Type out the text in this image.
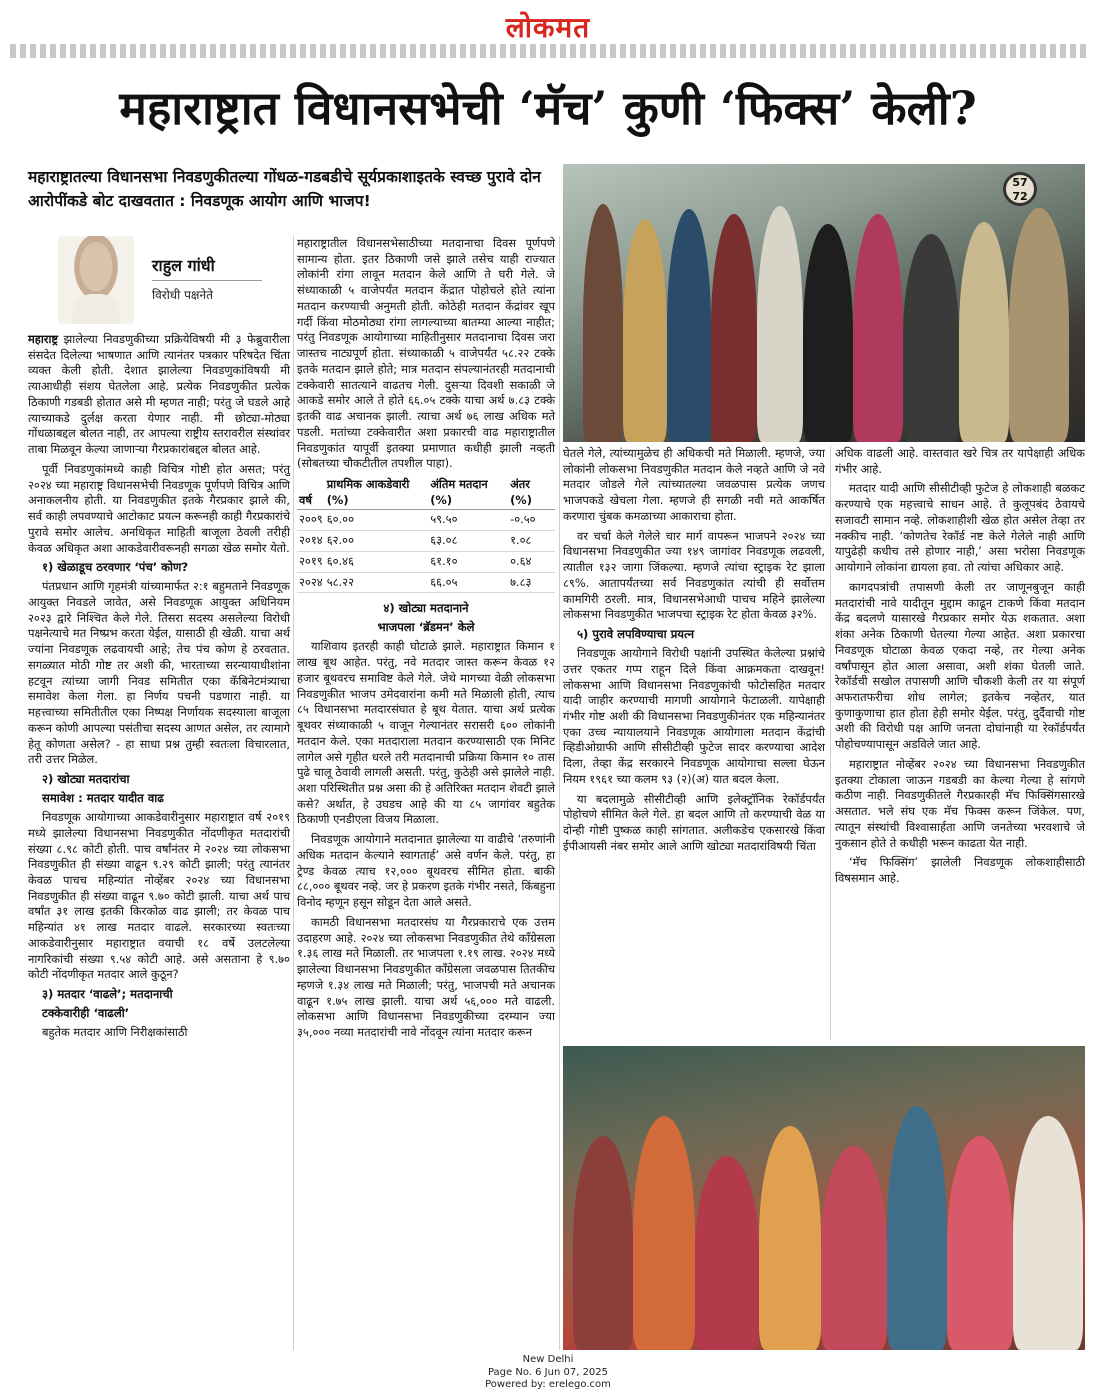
लोकमत
महाराष्ट्रात विधानसभेची ‘मॅच’ कुणी ‘फिक्स’ केली?
महाराष्ट्रातल्या विधानसभा निवडणुकीतल्या गोंधळ-गडबडीचे सूर्यप्रकाशाइतके स्वच्छ पुरावे दोन आरोपींकडे बोट दाखवतात : निवडणूक आयोग आणि भाजप!
57
72
राहुल गांधी
विरोधी पक्षनेते

महाराष्ट्र झालेल्या निवडणुकीच्या प्रक्रियेविषयी मी ३ फेब्रुवारीला संसदेत दिलेल्या भाषणात आणि त्यानंतर पत्रकार परिषदेत चिंता व्यक्त केली होती. देशात झालेल्या निवडणुकांविषयी मी त्याआधीही संशय घेतलेला आहे. प्रत्येक निवडणुकीत प्रत्येक ठिकाणी गडबडी होतात असे मी म्हणत नाही; परंतु जे घडले आहे त्याच्याकडे दुर्लक्ष करता येणार नाही. मी छोट्या-मोठ्या गोंधळाबद्दल बोलत नाही, तर आपल्या राष्ट्रीय स्तरावरील संस्थांवर ताबा मिळवून केल्या जाणाऱ्या गैरप्रकारांबद्दल बोलत आहे.

पूर्वी निवडणुकांमध्ये काही विचित्र गोष्टी होत असत; परंतु २०२४ च्या महाराष्ट्र विधानसभेची निवडणूक पूर्णपणे विचित्र आणि अनाकलनीय होती. या निवडणुकीत इतके गैरप्रकार झाले की, सर्व काही लपवण्याचे आटोकाट प्रयत्न करूनही काही गैरप्रकारांचे पुरावे समोर आलेच. अनधिकृत माहिती बाजूला ठेवली तरीही केवळ अधिकृत अशा आकडेवारीवरूनही सगळा खेळ समोर येतो.

१) खेळाडूच ठरवणार ‘पंच’ कोण?

पंतप्रधान आणि गृहमंत्री यांच्यामार्फत २:१ बहुमताने निवडणूक आयुक्त निवडले जावेत, असे निवडणूक आयुक्त अधिनियम २०२३ द्वारे निश्चित केले गेले. तिसरा सदस्य असलेल्या विरोधी पक्षनेत्याचे मत निष्प्रभ करता येईल, यासाठी ही खेळी. याचा अर्थ ज्यांना निवडणूक लढवायची आहे; तेच पंच कोण हे ठरवतात. सगळ्यात मोठी गोष्ट तर अशी की, भारताच्या सरन्यायाधीशांना हटवून त्यांच्या जागी निवड समितीत एका कॅबिनेटमंत्र्याचा समावेश केला गेला. हा निर्णय पचनी पडणारा नाही. या महत्त्वाच्या समितीतील एका निष्पक्ष निर्णायक सदस्याला बाजूला करून कोणी आपल्या पसंतीचा सदस्य आणत असेल, तर त्यामागे हेतू कोणता असेल? - हा साधा प्रश्न तुम्ही स्वतःला विचारलात, तरी उत्तर मिळेल.

२) खोट्या मतदारांचा
समावेश : मतदार यादीत वाढ

निवडणूक आयोगाच्या आकडेवारीनुसार महाराष्ट्रात वर्ष २०१९ मध्ये झालेल्या विधानसभा निवडणुकीत नोंदणीकृत मतदारांची संख्या ८.९८ कोटी होती. पाच वर्षांनंतर मे २०२४ च्या लोकसभा निवडणुकीत ही संख्या वाढून ९.२९ कोटी झाली; परंतु त्यानंतर केवळ पाचच महिन्यांत नोव्हेंबर २०२४ च्या विधानसभा निवडणुकीत ही संख्या वाढून ९.७० कोटी झाली. याचा अर्थ पाच वर्षांत ३१ लाख इतकी किरकोळ वाढ झाली; तर केवळ पाच महिन्यांत ४१ लाख मतदार वाढले. सरकारच्या स्वतःच्या आकडेवारीनुसार महाराष्ट्रात वयाची १८ वर्षे उलटलेल्या नागरिकांची संख्या ९.५४ कोटी आहे. असे असताना हे ९.७० कोटी नोंदणीकृत मतदार आले कुठून?

३) मतदार ‘वाढले’; मतदानाची
टक्केवारीही ‘वाढली’

बहुतेक मतदार आणि निरीक्षकांसाठी

महाराष्ट्रातील विधानसभेसाठीच्या मतदानाचा दिवस पूर्णपणे सामान्य होता. इतर ठिकाणी जसे झाले तसेच याही राज्यात लोकांनी रांगा लावून मतदान केले आणि ते घरी गेले. जे संध्याकाळी ५ वाजेपर्यंत मतदान केंद्रात पोहोचले होते त्यांना मतदान करण्याची अनुमती होती. कोठेही मतदान केंद्रांवर खूप गर्दी किंवा मोठमोठ्या रांगा लागल्याच्या बातम्या आल्या नाहीत; परंतु निवडणूक आयोगाच्या माहितीनुसार मतदानाचा दिवस जरा जास्तच नाट्यपूर्ण होता. संध्याकाळी ५ वाजेपर्यंत ५८.२२ टक्के इतके मतदान झाले होते; मात्र मतदान संपल्यानंतरही मतदानाची टक्केवारी सातत्याने वाढतच गेली. दुसऱ्या दिवशी सकाळी जे आकडे समोर आले ते होते ६६.०५ टक्के याचा अर्थ ७.८३ टक्के इतकी वाढ अचानक झाली. त्याचा अर्थ ७६ लाख अधिक मते पडली. मतांच्या टक्केवारीत अशा प्रकारची वाढ महाराष्ट्रातील निवडणुकांत यापूर्वी इतक्या प्रमाणात कधीही झाली नव्हती (सोबतच्या चौकटीतील तपशील पाहा).

वर्ष	प्राथमिक आकडेवारी (%)	अंतिम मतदान (%)	अंतर (%)
२००९	६०.००	५९.५०	-०.५०
२०१४	६२.००	६३.०८	१.०८
२०१९	६०.४६	६१.१०	०.६४
२०२४	५८.२२	६६.०५	७.८३
४) खोट्या मतदानाने
भाजपला ‘ब्रॅडमन’ केले

याशिवाय इतरही काही घोटाळे झाले. महाराष्ट्रात किमान १ लाख बूथ आहेत. परंतु, नवे मतदार जास्त करून केवळ १२ हजार बूथवरच समाविष्ट केले गेले. जेथे मागच्या वेळी लोकसभा निवडणुकीत भाजप उमेदवारांना कमी मते मिळाली होती, त्याच ८५ विधानसभा मतदारसंघात हे बूथ येतात. याचा अर्थ प्रत्येक बूथवर संध्याकाळी ५ वाजून गेल्यानंतर सरासरी ६०० लोकांनी मतदान केले. एका मतदाराला मतदान करण्यासाठी एक मिनिट लागेल असे गृहीत धरले तरी मतदानाची प्रक्रिया किमान १० तास पुढे चालू ठेवावी लागली असती. परंतु, कुठेही असे झालेले नाही. अशा परिस्थितीत प्रश्न असा की हे अतिरिक्त मतदान शेवटी झाले कसे? अर्थात, हे उघडच आहे की या ८५ जागांवर बहुतेक ठिकाणी एनडीएला विजय मिळाला.

निवडणूक आयोगाने मतदानात झालेल्या या वाढीचे ‘तरुणांनी अधिक मतदान केल्याने स्वागतार्ह’ असे वर्णन केले. परंतु, हा ट्रेण्ड केवळ त्याच १२,००० बूथवरच सीमित होता. बाकी ८८,००० बूथवर नव्हे. जर हे प्रकरण इतके गंभीर नसते, किंबहुना विनोद म्हणून हसून सोडून देता आले असते.

कामठी विधानसभा मतदारसंघ या गैरप्रकाराचे एक उत्तम उदाहरण आहे. २०२४ च्या लोकसभा निवडणुकीत तेथे काँग्रेसला १.३६ लाख मते मिळाली. तर भाजपला १.१९ लाख. २०२४ मध्ये झालेल्या विधानसभा निवडणुकीत काँग्रेसला जवळपास तितकीच म्हणजे १.३४ लाख मते मिळाली; परंतु, भाजपची मते अचानक वाढून १.७५ लाख झाली. याचा अर्थ ५६,००० मते वाढली. लोकसभा आणि विधानसभा निवडणुकीच्या दरम्यान ज्या ३५,००० नव्या मतदारांची नावे नोंदवून त्यांना मतदार करून

घेतले गेले, त्यांच्यामुळेच ही अधिकची मते मिळाली. म्हणजे, ज्या लोकांनी लोकसभा निवडणुकीत मतदान केले नव्हते आणि जे नवे मतदार जोडले गेले त्यांच्यातल्या जवळपास प्रत्येक जणच भाजपकडे खेचला गेला. म्हणजे ही सगळी नवी मते आकर्षित करणारा चुंबक कमळाच्या आकाराचा होता.

वर चर्चा केले गेलेले चार मार्ग वापरून भाजपने २०२४ च्या विधानसभा निवडणुकीत ज्या १४९ जागांवर निवडणूक लढवली, त्यातील १३२ जागा जिंकल्या. म्हणजे त्यांचा स्ट्राइक रेट झाला ८९%. आतापर्यंतच्या सर्व निवडणुकांत त्यांची ही सर्वोत्तम कामगिरी ठरली. मात्र, विधानसभेआधी पाचच महिने झालेल्या लोकसभा निवडणुकीत भाजपचा स्ट्राइक रेट होता केवळ ३२%.

५) पुरावे लपविण्याचा प्रयत्न

निवडणूक आयोगाने विरोधी पक्षांनी उपस्थित केलेल्या प्रश्नांचे उत्तर एकतर गप्प राहून दिले किंवा आक्रमकता दाखवून! लोकसभा आणि विधानसभा निवडणुकांची फोटोसहित मतदार यादी जाहीर करण्याची मागणी आयोगाने फेटाळली. यापेक्षाही गंभीर गोष्ट अशी की विधानसभा निवडणुकीनंतर एक महिन्यानंतर एका उच्च न्यायालयाने निवडणूक आयोगाला मतदान केंद्रांची व्हिडीओग्राफी आणि सीसीटीव्ही फुटेज सादर करण्याचा आदेश दिला, तेव्हा केंद्र सरकारने निवडणूक आयोगाचा सल्ला घेऊन नियम १९६१ च्या कलम ९३ (२)(अ) यात बदल केला.

या बदलामुळे सीसीटीव्ही आणि इलेक्ट्रॉनिक रेकॉर्डपर्यंत पोहोचणे सीमित केले गेले. हा बदल आणि तो करण्याची वेळ या दोन्ही गोष्टी पुष्कळ काही सांगतात. अलीकडेच एकसारखे किंवा ईपीआयसी नंबर समोर आले आणि खोट्या मतदारांविषयी चिंता

अधिक वाढली आहे. वास्तवात खरे चित्र तर यापेक्षाही अधिक गंभीर आहे.

मतदार यादी आणि सीसीटीव्ही फुटेज हे लोकशाही बळकट करण्याचे एक महत्त्वाचे साधन आहे. ते कुलूपबंद ठेवायचे सजावटी सामान नव्हे. लोकशाहीशी खेळ होत असेल तेव्हा तर नक्कीच नाही. ‘कोणतेच रेकॉर्ड नष्ट केले गेलेले नाही आणि यापुढेही कधीच तसे होणार नाही,’ असा भरोसा निवडणूक आयोगाने लोकांना द्यायला हवा. तो त्यांचा अधिकार आहे.

कागदपत्रांची तपासणी केली तर जाणूनबुजून काही मतदारांची नावे यादीतून मुद्दाम काढून टाकणे किंवा मतदान केंद्र बदलणे यासारखे गैरप्रकार समोर येऊ शकतात. अशा शंका अनेक ठिकाणी घेतल्या गेल्या आहेत. अशा प्रकारचा निवडणूक घोटाळा केवळ एकदा नव्हे, तर गेल्या अनेक वर्षांपासून होत आला असावा, अशी शंका घेतली जाते. रेकॉर्डची सखोल तपासणी आणि चौकशी केली तर या संपूर्ण अफरातफरीचा शोध लागेल; इतकेच नव्हेतर, यात कुणाकुणाचा हात होता हेही समोर येईल. परंतु, दुर्दैवाची गोष्ट अशी की विरोधी पक्ष आणि जनता दोघांनाही या रेकॉर्डपर्यंत पोहोचण्यापासून अडविले जात आहे.

महाराष्ट्रात नोव्हेंबर २०२४ च्या विधानसभा निवडणुकीत इतक्या टोकाला जाऊन गडबडी का केल्या गेल्या हे सांगणे कठीण नाही. निवडणुकीतले गैरप्रकारही मॅच फिक्सिंगसारखे असतात. भले संघ एक मॅच फिक्स करून जिंकेल. पण, त्यातून संस्थांची विश्वासार्हता आणि जनतेच्या भरवशाचे जे नुकसान होते ते कधीही भरून काढता येत नाही.

‘मॅच फिक्सिंग’ झालेली निवडणूक लोकशाहीसाठी विषसमान आहे.

New Delhi
Page No. 6 Jun 07, 2025
Powered by: erelego.com
